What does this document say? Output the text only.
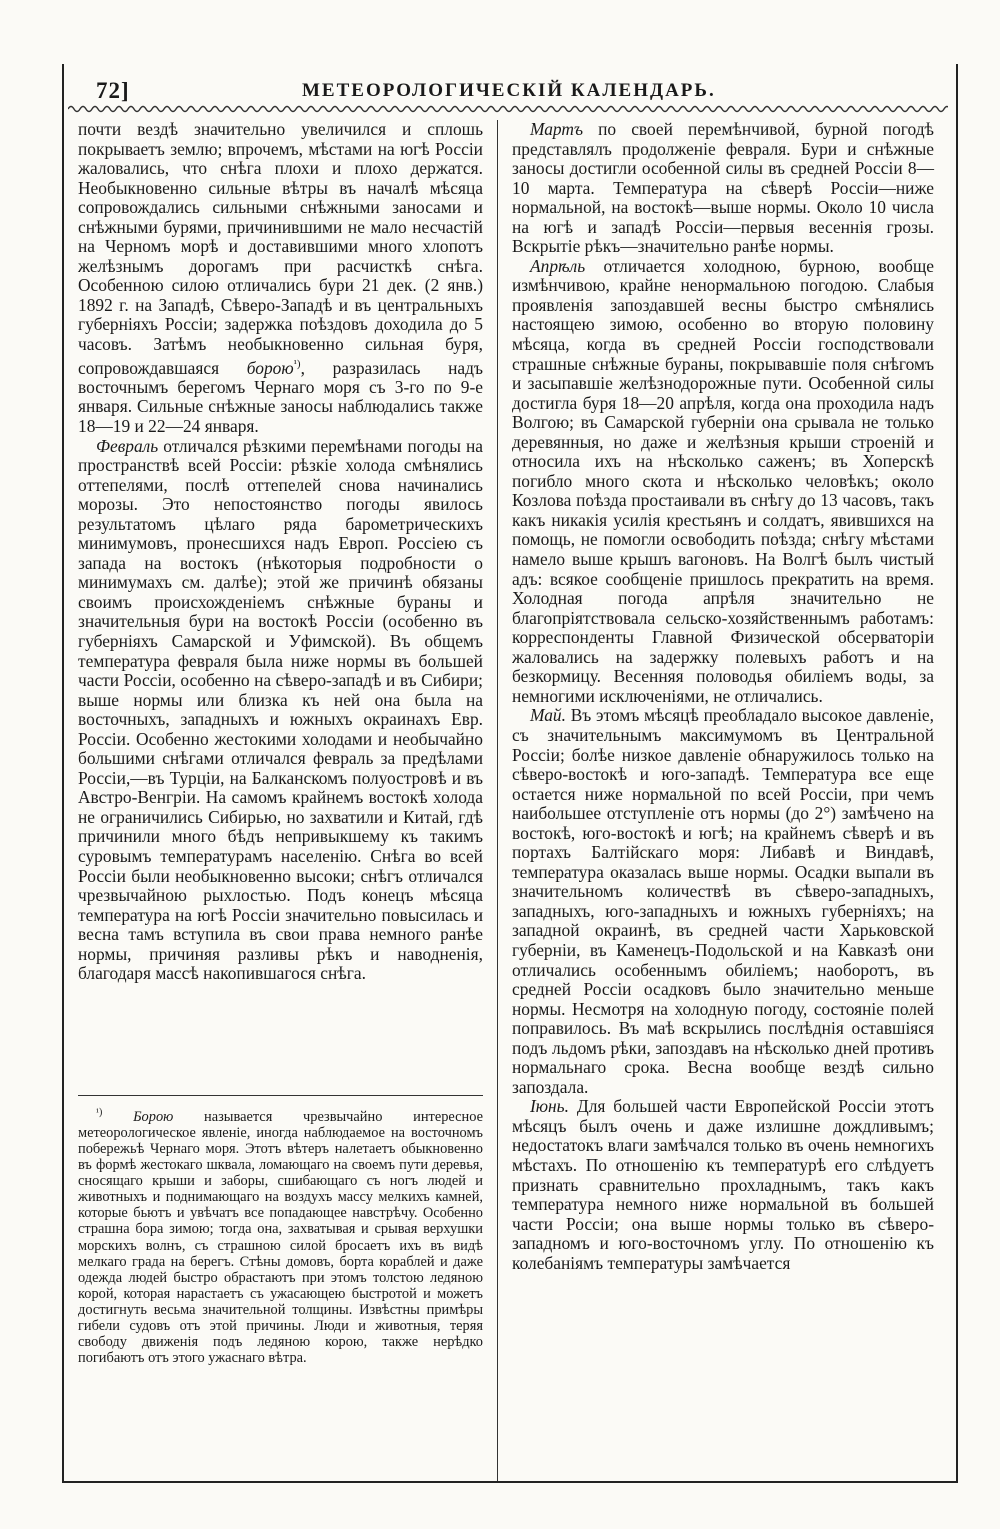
72]	МЕТЕОРОЛОГИЧЕСКІЙ КАЛЕНДАРЬ.

почти вездѣ значительно увеличился и сплошь покрываетъ землю; впрочемъ, мѣстами на югѣ Россіи жаловались, что снѣга плохи и плохо держатся. Необыкновенно сильные вѣтры въ началѣ мѣсяца сопровождались сильными снѣжными заносами и снѣжными бурями, причинившими не мало несчастій на Черномъ морѣ и доставившими много хлопотъ желѣзнымъ дорогамъ при расчисткѣ снѣга. Особенною силою отличались бури 21 дек. (2 янв.) 1892 г. на Западѣ, Сѣверо-Западѣ и въ центральныхъ губерніяхъ Россіи; задержка поѣздовъ доходила до 5 часовъ. Затѣмъ необыкновенно сильная буря, сопровождавшаяся борою$^{^1)}$, разразилась надъ восточнымъ берегомъ Чернаго моря съ 3-го по 9-е января. Сильные снѣжные заносы наблюдались также 18—19 и 22—24 января.

Февраль отличался рѣзкими перемѣнами погоды на пространствѣ всей Россіи: рѣзкіе холода смѣнялись оттепелями, послѣ оттепелей снова начинались морозы. Это непостоянство погоды явилось результатомъ цѣлаго ряда барометрическихъ минимумовъ, пронесшихся надъ Европ. Россіею съ запада на востокъ (нѣкоторыя подробности о минимумахъ см. далѣе); этой же причинѣ обязаны своимъ происхожденіемъ снѣжные бураны и значительныя бури на востокѣ Россіи (особенно въ губерніяхъ Самарской и Уфимской). Въ общемъ температура февраля была ниже нормы въ большей части Россіи, особенно на сѣверо-западѣ и въ Сибири; выше нормы или близка къ ней она была на восточныхъ, западныхъ и южныхъ окраинахъ Евр. Россіи. Особенно жестокими холодами и необычайно большими снѣгами отличался февраль за предѣлами Россіи,—въ Турціи, на Балканскомъ полуостровѣ и въ Австро-Венгріи. На самомъ крайнемъ востокѣ холода не ограничились Сибирью, но захватили и Китай, гдѣ причинили много бѣдъ непривыкшему къ такимъ суровымъ температурамъ населенію. Снѣга во всей Россіи были необыкновенно высоки; снѣгъ отличался чрезвычайною рыхлостью. Подъ конецъ мѣсяца температура на югѣ Россіи значительно повысилась и весна тамъ вступила въ свои права немного ранѣе нормы, причиняя разливы рѣкъ и наводненія, благодаря массѣ накопившагося снѣга.

$^{^1)}$ Борою называется чрезвычайно интересное метеорологическое явленіе, иногда наблюдаемое на восточномъ побережьѣ Чернаго моря. Этотъ вѣтеръ налетаетъ обыкновенно въ формѣ жестокаго шквала, ломающаго на своемъ пути деревья, сносящаго крыши и заборы, сшибающаго съ ногъ людей и животныхъ и поднимающаго на воздухъ массу мелкихъ камней, которые бьютъ и увѣчатъ все попадающее навстрѣчу. Особенно страшна бора зимою; тогда она, захватывая и срывая верхушки морскихъ волнъ, съ страшною силой бросаетъ ихъ въ видѣ мелкаго града на берегъ. Стѣны домовъ, борта кораблей и даже одежда людей быстро обрастаютъ при этомъ толстою ледяною корой, которая нарастаетъ съ ужасающею быстротой и можетъ достигнуть весьма значительной толщины. Извѣстны примѣры гибели судовъ отъ этой причины. Люди и животныя, теряя свободу движенія подъ ледяною корою, также нерѣдко погибаютъ отъ этого ужаснаго вѣтра.

Мартъ по своей перемѣнчивой, бурной погодѣ представлялъ продолженіе февраля. Бури и снѣжные заносы достигли особенной силы въ средней Россіи 8—10 марта. Температура на сѣверѣ Россіи—ниже нормальной, на востокѣ—выше нормы. Около 10 числа на югѣ и западѣ Россіи—первыя весеннія грозы. Вскрытіе рѣкъ—значительно ранѣе нормы.

Апрѣль отличается холодною, бурною, вообще измѣнчивою, крайне ненормальною погодою. Слабыя проявленія запоздавшей весны быстро смѣнялись настоящею зимою, особенно во вторую половину мѣсяца, когда въ средней Россіи господствовали страшные снѣжные бураны, покрывавшіе поля снѣгомъ и засыпавшіе желѣзнодорожные пути. Особенной силы достигла буря 18—20 апрѣля, когда она проходила надъ Волгою; въ Самарской губерніи она срывала не только деревянныя, но даже и желѣзныя крыши строеній и относила ихъ на нѣсколько саженъ; въ Хоперскѣ погибло много скота и нѣсколько человѣкъ; около Козлова поѣзда простаивали въ снѣгу до 13 часовъ, такъ какъ никакія усилія крестьянъ и солдатъ, явившихся на помощь, не помогли освободить поѣзда; снѣгу мѣстами намело выше крышъ вагоновъ. На Волгѣ былъ чистый адъ: всякое сообщеніе пришлось прекратить на время. Холодная погода апрѣля значительно не благопріятствовала сельско-хозяйственнымъ работамъ: корреспонденты Главной Физической обсерваторіи жаловались на задержку полевыхъ работъ и на безкормицу. Весенняя половодья обиліемъ воды, за немногими исключеніями, не отличались.

Май. Въ этомъ мѣсяцѣ преобладало высокое давленіе, съ значительнымъ максимумомъ въ Центральной Россіи; болѣе низкое давленіе обнаружилось только на сѣверо-востокѣ и юго-западѣ. Температура все еще остается ниже нормальной по всей Россіи, при чемъ наибольшее отступленіе отъ нормы (до 2°) замѣчено на востокѣ, юго-востокѣ и югѣ; на крайнемъ сѣверѣ и въ портахъ Балтійскаго моря: Либавѣ и Виндавѣ, температура оказалась выше нормы. Осадки выпали въ значительномъ количествѣ въ сѣверо-западныхъ, западныхъ, юго-западныхъ и южныхъ губерніяхъ; на западной окраинѣ, въ средней части Харьковской губерніи, въ Каменецъ-Подольской и на Кавказѣ они отличались особеннымъ обиліемъ; наоборотъ, въ средней Россіи осадковъ было значительно меньше нормы. Несмотря на холодную погоду, состояніе полей поправилось. Въ маѣ вскрылись послѣднія оставшіяся подъ льдомъ рѣки, запоздавъ на нѣсколько дней противъ нормальнаго срока. Весна вообще вездѣ сильно запоздала.

Іюнь. Для большей части Европейской Россіи этотъ мѣсяцъ былъ очень и даже излишне дождливымъ; недостатокъ влаги замѣчался только въ очень немногихъ мѣстахъ. По отношенію къ температурѣ его слѣдуетъ признать сравнительно прохладнымъ, такъ какъ температура немного ниже нормальной въ большей части Россіи; она выше нормы только въ сѣверо-западномъ и юго-восточномъ углу. По отношенію къ колебаніямъ температуры замѣчается
